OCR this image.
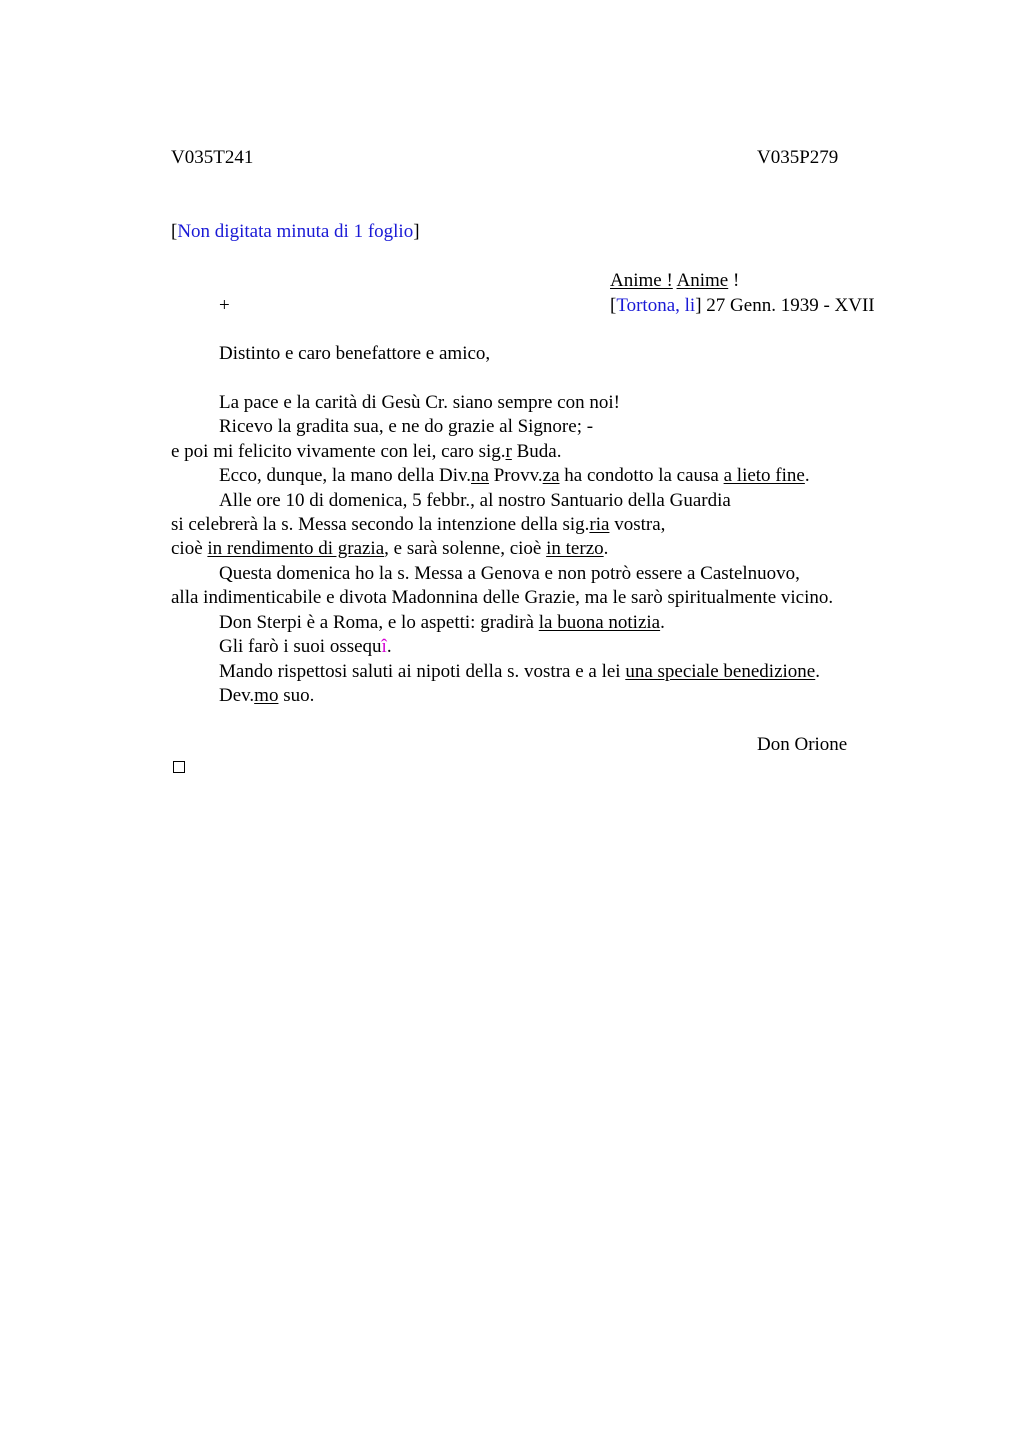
V035T241	V035P279
[Non digitata minuta di 1 foglio]
Anime ! Anime !
+	[Tortona, li] 27 Genn. 1939 - XVII
Distinto e caro benefattore e amico,
La pace e la carità di Gesù Cr. siano sempre con noi!
Ricevo la gradita sua, e ne do grazie al Signore; -
e poi mi felicito vivamente con lei, caro sig.r Buda.
Ecco, dunque, la mano della Div.na Provv.za ha condotto la causa a lieto fine.
Alle ore 10 di domenica, 5 febbr., al nostro Santuario della Guardia
si celebrerà la s. Messa secondo la intenzione della sig.ria vostra,
cioè in rendimento di grazia, e sarà solenne, cioè in terzo.
Questa domenica ho la s. Messa a Genova e non potrò essere a Castelnuovo,
alla indimenticabile e divota Madonnina delle Grazie, ma le sarò spiritualmente vicino.
Don Sterpi è a Roma, e lo aspetti: gradirà la buona notizia.
Gli farò i suoi ossequî.
Mando rispettosi saluti ai nipoti della s. vostra e a lei una speciale benedizione.
Dev.mo suo.
Don Orione
